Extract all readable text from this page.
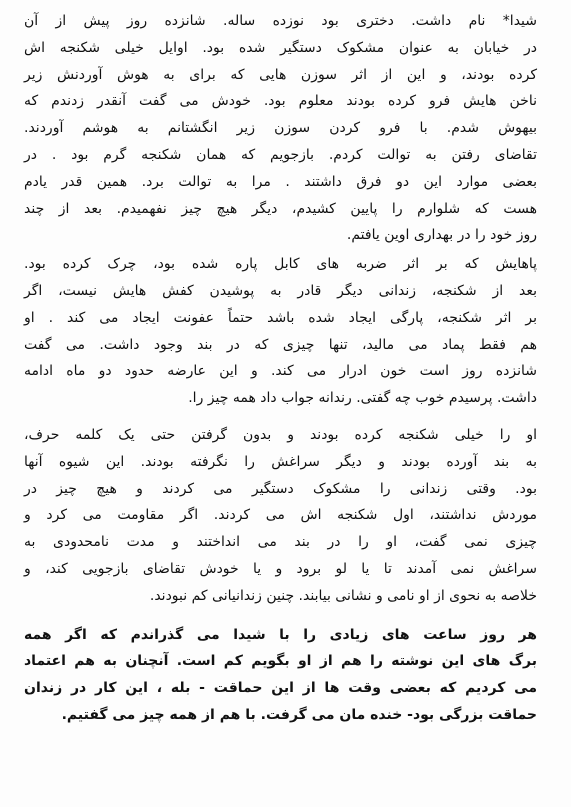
شیدا* نام داشت. دختری بود نوزده ساله. شانزده روز پیش از آن
در خیابان به عنوان مشکوک دستگیر شده بود. اوایل خیلی شکنجه اش
کرده بودند، و این از اثر سوزن هایی که برای به هوش آوردنش زیر
ناخن هایش فرو کرده بودند معلوم بود. خودش می گفت آنقدر زدندم که
بیهوش شدم. با فرو کردن سوزن زیر انگشتانم به هوشم آوردند.

تقاضای رفتن به توالت کردم. بازجویم که همان شکنجه گرم بود . در
بعضی موارد این دو فرق داشتند . مرا به توالت برد. همین قدر یادم
هست که شلوارم را پایین کشیدم، دیگر هیچ چیز نفهمیدم. بعد از چند
روز خود را در بهداری اوین یافتم.

پاهایش که بر اثر ضربه های کابل پاره شده بود، چرک کرده بود.
بعد از شکنجه، زندانی دیگر قادر به پوشیدن کفش هایش نیست، اگر
بر اثر شکنجه، پارگی ایجاد شده باشد حتماً عفونت ایجاد می کند . او
هم فقط پماد می مالید، تنها چیزی که در بند وجود داشت. می گفت
شانزده روز است خون ادرار می کند. و این عارضه حدود دو ماه ادامه
داشت. پرسیدم خوب چه گفتی. رندانه جواب داد همه چیز را.

او را خیلی شکنجه کرده بودند و بدون گرفتن حتی یک کلمه حرف،
به بند آورده بودند و دیگر سراغش را نگرفته بودند. این شیوه آنها
بود. وقتی زندانی را مشکوک دستگیر می کردند و هیچ چیز در
موردش نداشتند، اول شکنجه اش می کردند. اگر مقاومت می کرد و
چیزی نمی گفت، او را در بند می انداختند و مدت نامحدودی به
سراغش نمی آمدند تا یا لو برود و یا خودش تقاضای بازجویی کند، و
خلاصه به نحوی از او نامی و نشانی بیابند. چنین زندانیانی کم نبودند.

هر روز ساعت های زیادی را با شیدا می گذراندم که اگر همه
برگ های این نوشته را هم از او بگویم کم است. آنچنان به هم اعتماد
می کردیم که بعضی وقت ها از این حماقت - بله ، این کار در زندان
حماقت بزرگی بود- خنده مان می گرفت. با هم از همه چیز می گفتیم.
